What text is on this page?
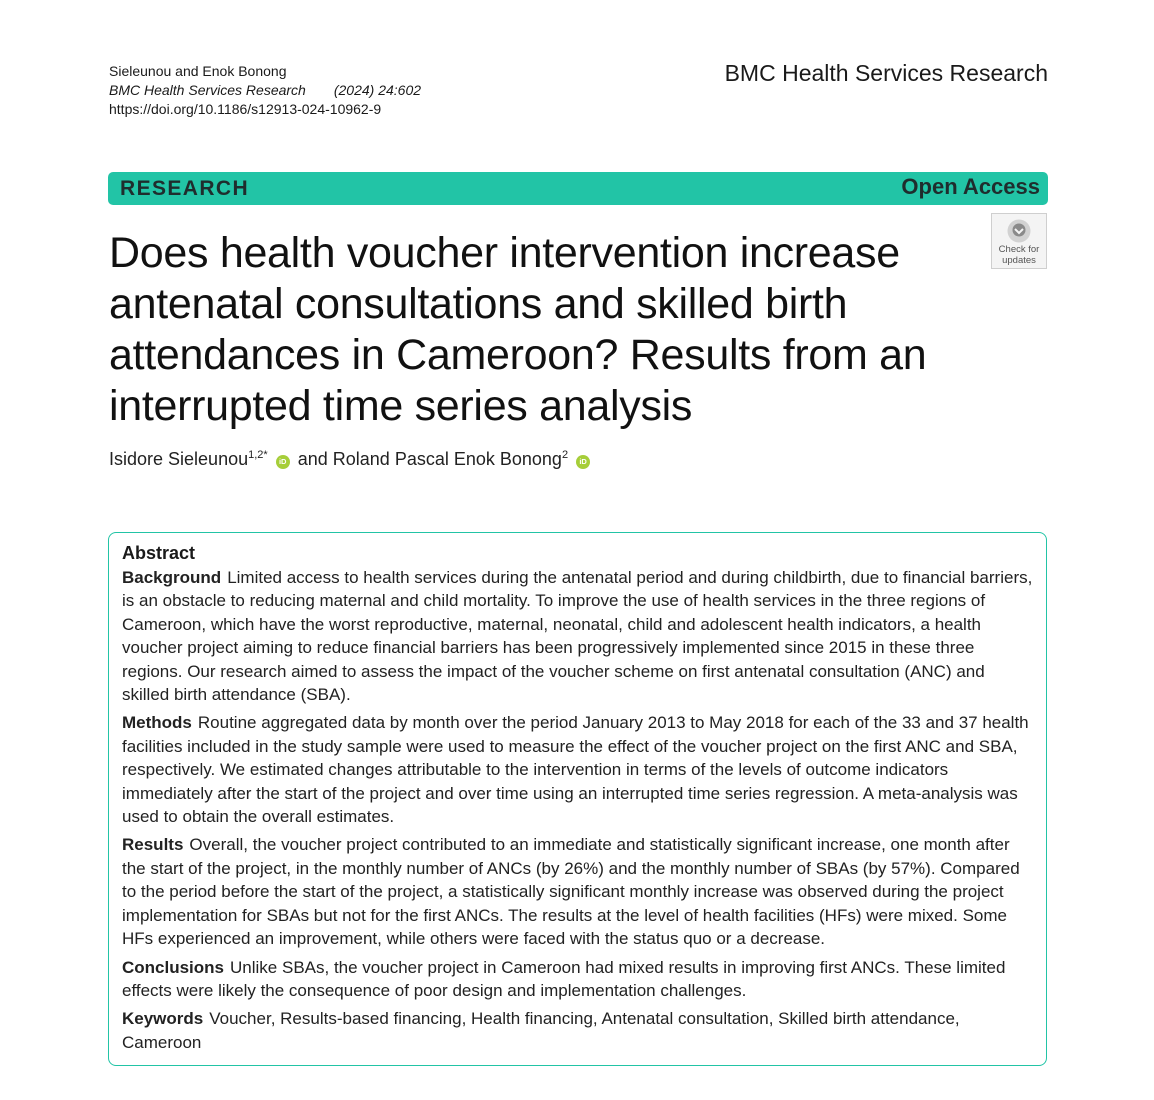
Sieleunou and Enok Bonong
BMC Health Services Research (2024) 24:602
https://doi.org/10.1186/s12913-024-10962-9
BMC Health Services Research
RESEARCH	Open Access
Check for
updates
Does health voucher intervention increase antenatal consultations and skilled birth attendances in Cameroon? Results from an interrupted time series analysis
Isidore Sieleunou$^{1,2*}$ iD and Roland Pascal Enok Bonong$^2$ iD
Abstract

Background Limited access to health services during the antenatal period and during childbirth, due to financial barriers, is an obstacle to reducing maternal and child mortality. To improve the use of health services in the three regions of Cameroon, which have the worst reproductive, maternal, neonatal, child and adolescent health indicators, a health voucher project aiming to reduce financial barriers has been progressively implemented since 2015 in these three regions. Our research aimed to assess the impact of the voucher scheme on first antenatal consultation (ANC) and skilled birth attendance (SBA).

Methods Routine aggregated data by month over the period January 2013 to May 2018 for each of the 33 and 37 health facilities included in the study sample were used to measure the effect of the voucher project on the first ANC and SBA, respectively. We estimated changes attributable to the intervention in terms of the levels of outcome indicators immediately after the start of the project and over time using an interrupted time series regression. A meta-analysis was used to obtain the overall estimates.

Results Overall, the voucher project contributed to an immediate and statistically significant increase, one month after the start of the project, in the monthly number of ANCs (by 26%) and the monthly number of SBAs (by 57%). Compared to the period before the start of the project, a statistically significant monthly increase was observed during the project implementation for SBAs but not for the first ANCs. The results at the level of health facilities (HFs) were mixed. Some HFs experienced an improvement, while others were faced with the status quo or a decrease.

Conclusions Unlike SBAs, the voucher project in Cameroon had mixed results in improving first ANCs. These limited effects were likely the consequence of poor design and implementation challenges.

Keywords Voucher, Results-based financing, Health financing, Antenatal consultation, Skilled birth attendance, Cameroon
